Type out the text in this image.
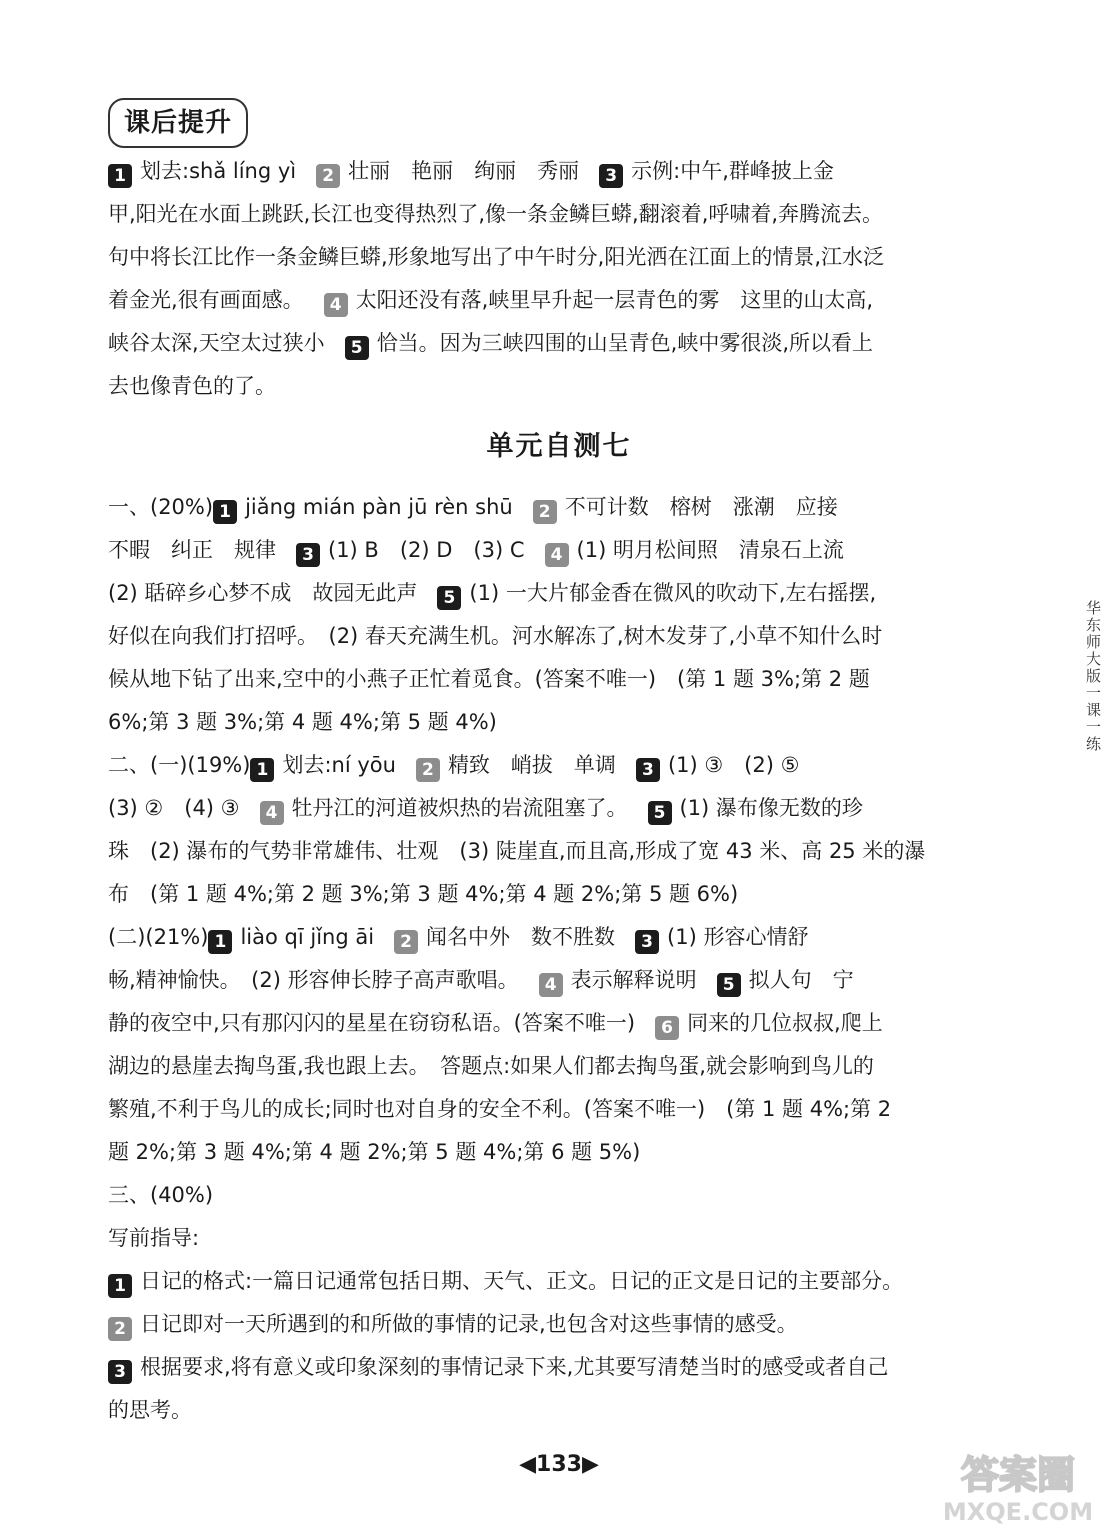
课后提升

1 划去:shǎ líng yì 2 壮丽　艳丽　绚丽　秀丽 3 示例:中午,群峰披上金

甲,阳光在水面上跳跃,长江也变得热烈了,像一条金鳞巨蟒,翻滚着,呼啸着,奔腾流去。

句中将长江比作一条金鳞巨蟒,形象地写出了中午时分,阳光洒在江面上的情景,江水泛

着金光,很有画面感。 4 太阳还没有落,峡里早升起一层青色的雾　这里的山太高,

峡谷太深,天空太过狭小 5 恰当。因为三峡四围的山呈青色,峡中雾很淡,所以看上

去也像青色的了。

单元自测七

一、(20%) 1 jiǎng mián pàn jū rèn shū 2 不可计数　榕树　涨潮　应接

不暇　纠正　规律 3 (1) B　(2) D　(3) C 4 (1) 明月松间照　清泉石上流

(2) 聒碎乡心梦不成　故园无此声 5 (1) 一大片郁金香在微风的吹动下,左右摇摆,

好似在向我们打招呼。　(2) 春天充满生机。河水解冻了,树木发芽了,小草不知什么时

候从地下钻了出来,空中的小燕子正忙着觅食。(答案不唯一)　(第 1 题 3%;第 2 题

6%;第 3 题 3%;第 4 题 4%;第 5 题 4%)

二、(一)(19%) 1 划去:ní yōu 2 精致　峭拔　单调 3 (1) ③　(2) ⑤

(3) ②　(4) ③ 4 牡丹江的河道被炽热的岩流阻塞了。 5 (1) 瀑布像无数的珍

珠　(2) 瀑布的气势非常雄伟、壮观　(3) 陡崖直,而且高,形成了宽 43 米、高 25 米的瀑

布　(第 1 题 4%;第 2 题 3%;第 3 题 4%;第 4 题 2%;第 5 题 6%)

(二)(21%) 1 liào qī jǐng āi 2 闻名中外　数不胜数 3 (1) 形容心情舒

畅,精神愉快。　(2) 形容伸长脖子高声歌唱。 4 表示解释说明 5 拟人句　宁

静的夜空中,只有那闪闪的星星在窃窃私语。(答案不唯一) 6 同来的几位叔叔,爬上

湖边的悬崖去掏鸟蛋,我也跟上去。　答题点:如果人们都去掏鸟蛋,就会影响到鸟儿的

繁殖,不利于鸟儿的成长;同时也对自身的安全不利。(答案不唯一)　(第 1 题 4%;第 2

题 2%;第 3 题 4%;第 4 题 2%;第 5 题 4%;第 6 题 5%)

三、(40%)

写前指导:

1 日记的格式:一篇日记通常包括日期、天气、正文。日记的正文是日记的主要部分。

2 日记即对一天所遇到的和所做的事情的记录,也包含对这些事情的感受。

3 根据要求,将有意义或印象深刻的事情记录下来,尤其要写清楚当时的感受或者自己

的思考。

华东师大版一课一练
◀133▶	答案圈
MXQE.COM
